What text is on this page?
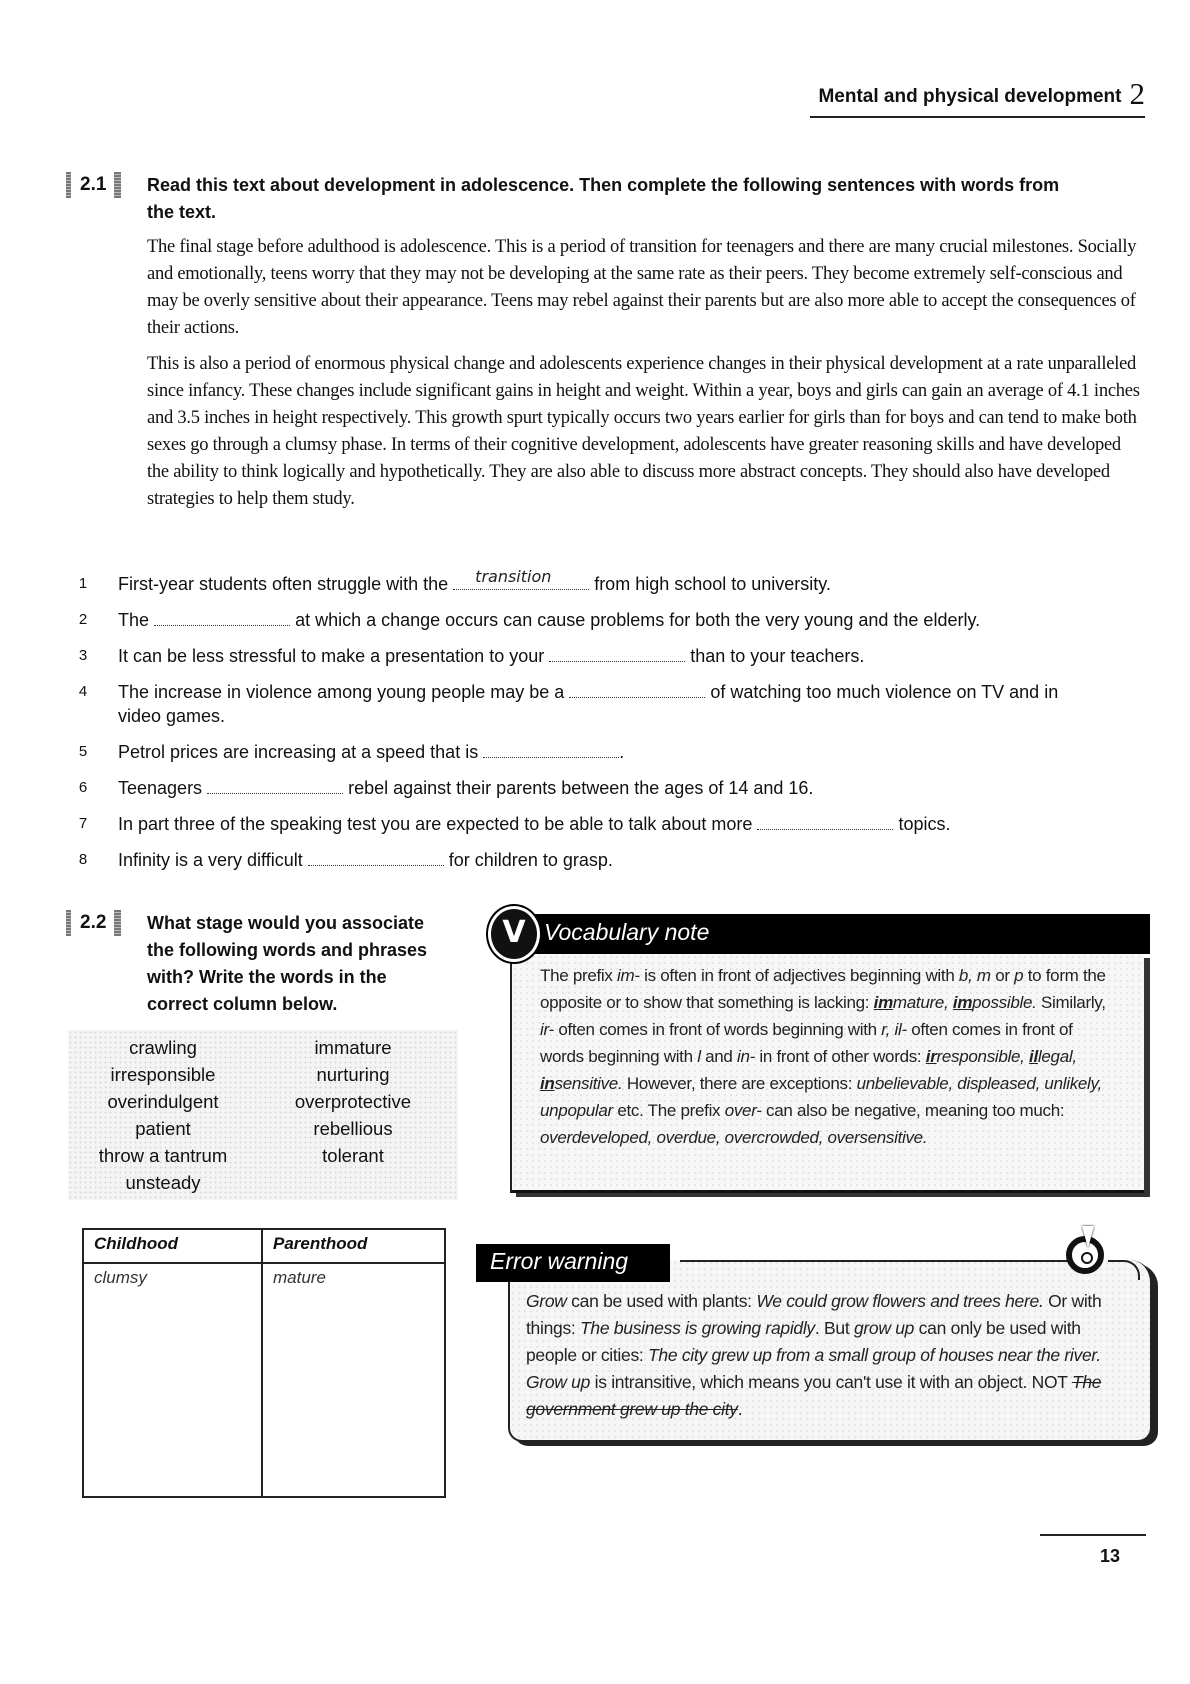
Mental and physical development 2
2.1 Read this text about development in adolescence. Then complete the following sentences with words from the text.

The final stage before adulthood is adolescence. This is a period of transition for teenagers and there are many crucial milestones. Socially and emotionally, teens worry that they may not be developing at the same rate as their peers. They become extremely self-conscious and may be overly sensitive about their appearance. Teens may rebel against their parents but are also more able to accept the consequences of their actions.

This is also a period of enormous physical change and adolescents experience changes in their physical development at a rate unparalleled since infancy. These changes include significant gains in height and weight. Within a year, boys and girls can gain an average of 4.1 inches and 3.5 inches in height respectively. This growth spurt typically occurs two years earlier for girls than for boys and can tend to make both sexes go through a clumsy phase. In terms of their cognitive development, adolescents have greater reasoning skills and have developed the ability to think logically and hypothetically. They are also able to discuss more abstract concepts. They should also have developed strategies to help them study.

1	First-year students often struggle with the transition from high school to university.
2	The	at which a change occurs can cause problems for both the very young and the elderly.
3	It can be less stressful to make a presentation to your	than to your teachers.
4	The increase in violence among young people may be a	of watching too much violence on TV and in video games.
5	Petrol prices are increasing at a speed that is	.
6	Teenagers	rebel against their parents between the ages of 14 and 16.
7	In part three of the speaking test you are expected to be able to talk about more	topics.
8	Infinity is a very difficult	for children to grasp.
2.2 What stage would you associate the following words and phrases with? Write the words in the correct column below.
crawling
irresponsible
overindulgent
patient
throw a tantrum
unsteady
immature
nurturing
overprotective
rebellious
tolerant
Childhood	Parenthood
clumsy	mature
The prefix im- is often in front of adjectives beginning with b, m or p to form the opposite or to show that something is lacking: immature, impossible. Similarly, ir- often comes in front of words beginning with r, il- often comes in front of words beginning with l and in- in front of other words: irresponsible, illegal, insensitive. However, there are exceptions: unbelievable, displeased, unlikely, unpopular etc. The prefix over- can also be negative, meaning too much: overdeveloped, overdue, overcrowded, oversensitive.
Vocabulary note
V
Grow can be used with plants: We could grow flowers and trees here. Or with things: The business is growing rapidly. But grow up can only be used with people or cities: The city grew up from a small group of houses near the river. Grow up is intransitive, which means you can't use it with an object. NOT The government grew up the city.
Error warning
13
